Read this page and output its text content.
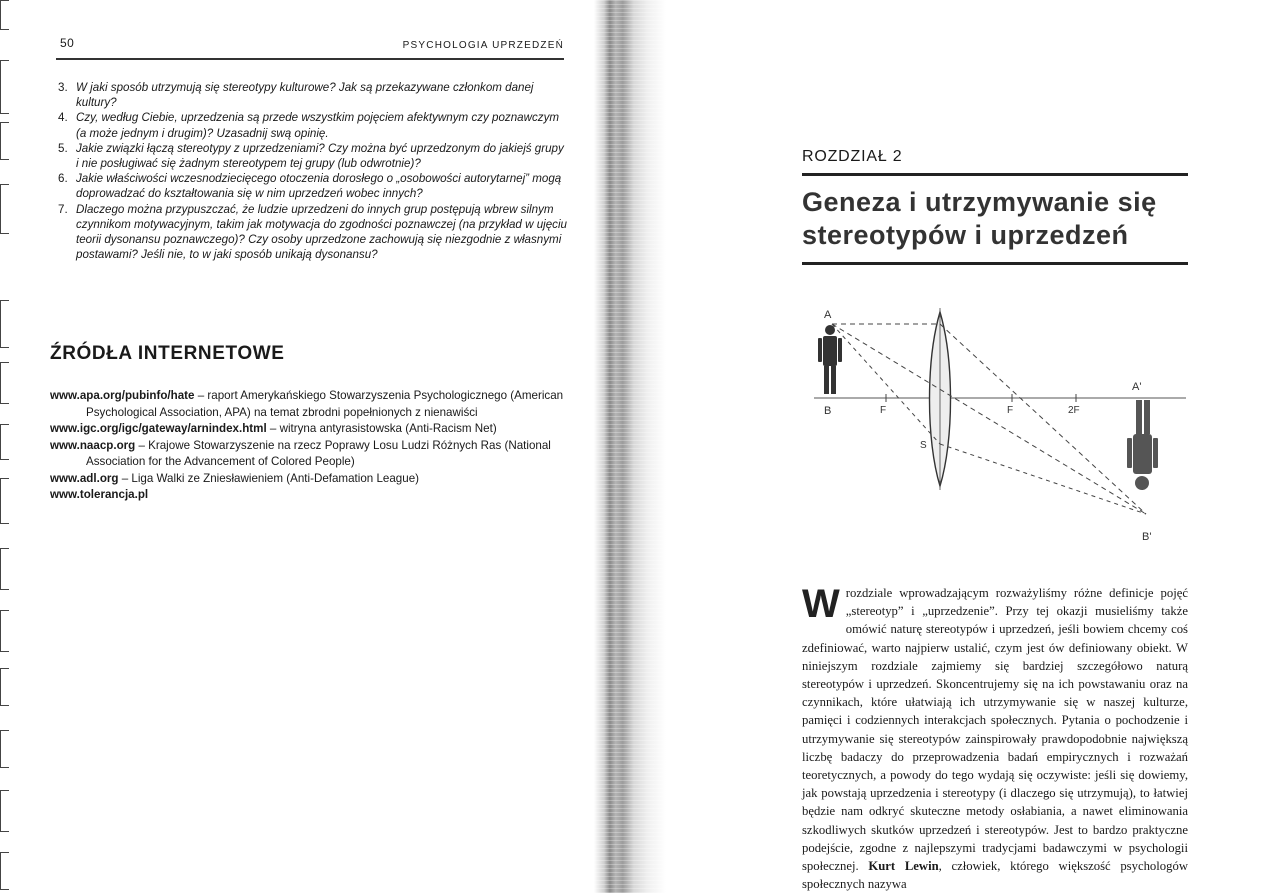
50	PSYCHOLOGIA UPRZEDZEŃ
3. W jaki sposób utrzymują się stereotypy kulturowe? Jak są przekazywane członkom danej kultury?
4. Czy, według Ciebie, uprzedzenia są przede wszystkim pojęciem afektywnym czy poznawczym (a może jednym i drugim)? Uzasadnij swą opinię.
5. Jakie związki łączą stereotypy z uprzedzeniami? Czy można być uprzedzonym do jakiejś grupy i nie posługiwać się żadnym stereotypem tej grupy (lub odwrotnie)?
6. Jakie właściwości wczesnodziecięcego otoczenia dorosłego o „osobowości autorytarnej” mogą doprowadzać do kształtowania się w nim uprzedzeń wobec innych?
7. Dlaczego można przypuszczać, że ludzie uprzedzeni do innych grup postępują wbrew silnym czynnikom motywacyjnym, takim jak motywacja do zgodności poznawczej (na przykład w ujęciu teorii dysonansu poznawczego)? Czy osoby uprzedzone zachowują się niezgodnie z własnymi postawami? Jeśli nie, to w jaki sposób unikają dysonansu?
ŹRÓDŁA INTERNETOWE
www.apa.org/pubinfo/hate – raport Amerykańskiego Stowarzyszenia Psychologicznego (American Psychological Association, APA) na temat zbrodni popełnionych z nienawiści
www.igc.org/igc/gateway/arnindex.html – witryna antyrasistowska (Anti-Racism Net)
www.naacp.org – Krajowe Stowarzyszenie na rzecz Poprawy Losu Ludzi Różnych Ras (National Association for the Advancement of Colored People)
www.adl.org – Liga Walki ze Zniesławieniem (Anti-Defamation League)
www.tolerancja.pl
ROZDZIAŁ 2
Geneza i utrzymywanie się
stereotypów i uprzedzeń
A
B	F	F	2F
S
A'
B'
W rozdziale wprowadzającym rozważyliśmy różne definicje pojęć „stereotyp” i „uprzedzenie”. Przy tej okazji musieliśmy także omówić naturę stereotypów i uprzedzeń, jeśli bowiem chcemy coś zdefiniować, warto najpierw ustalić, czym jest ów definiowany obiekt. W niniejszym rozdziale zajmiemy się bardziej szczegółowo naturą stereotypów i uprzedzeń. Skoncentrujemy się na ich powstawaniu oraz na czynnikach, które ułatwiają ich utrzymywanie się w naszej kulturze, pamięci i codziennych interakcjach społecznych. Pytania o pochodzenie i utrzymywanie się stereotypów zainspirowały prawdopodobnie największą liczbę badaczy do przeprowadzenia badań empirycznych i rozważań teoretycznych, a powody do tego wydają się oczywiste: jeśli się dowiemy, jak powstają uprzedzenia i stereotypy (i dlaczego się utrzymują), to łatwiej będzie nam odkryć skuteczne metody osłabiania, a nawet eliminowania szkodliwych skutków uprzedzeń i stereotypów. Jest to bardzo praktyczne podejście, zgodne z najlepszymi tradycjami badawczymi w psychologii społecznej. Kurt Lewin, człowiek, którego większość psychologów społecznych nazywa
